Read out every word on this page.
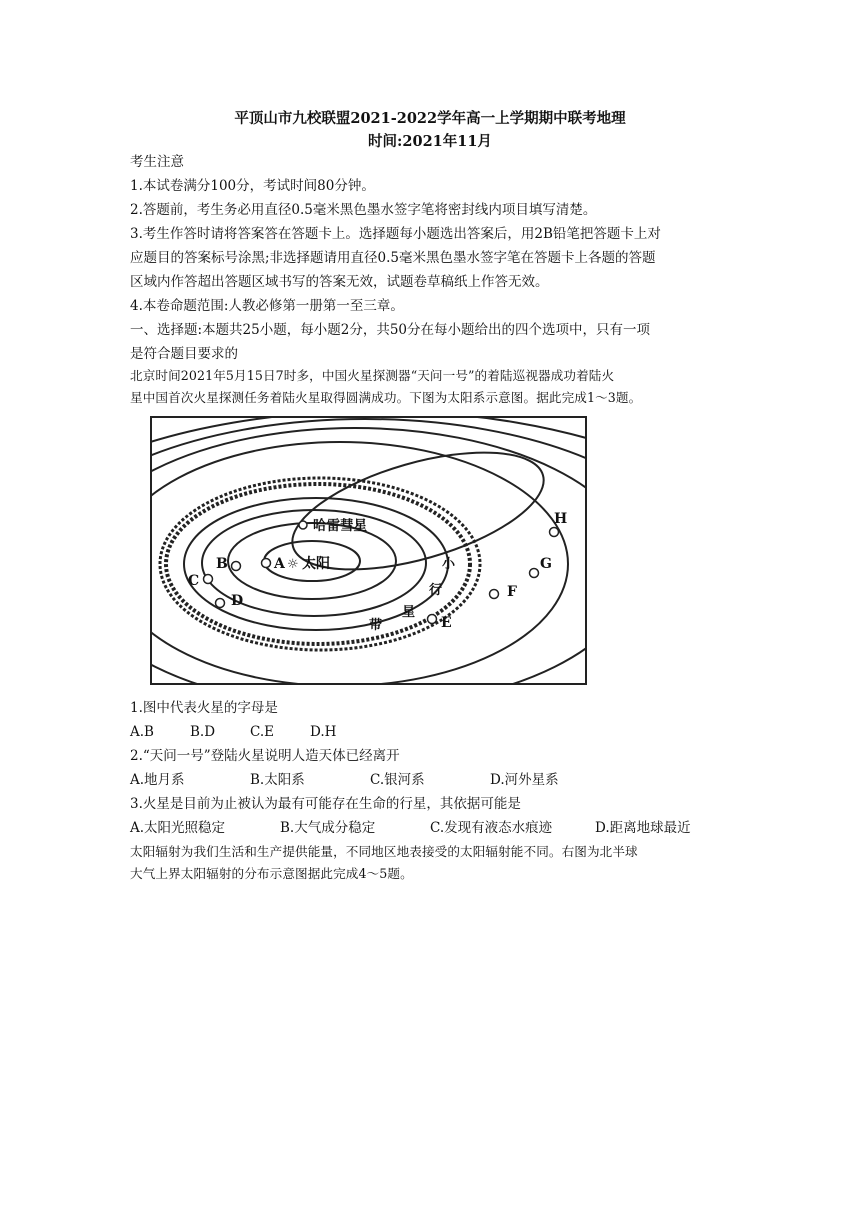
平顶山市九校联盟2021-2022学年高一上学期期中联考地理
时间:2021年11月
考生注意
1.本试卷满分100分，考试时间80分钟。
2.答题前，考生务必用直径0.5毫米黑色墨水签字笔将密封线内项目填写清楚。
3.考生作答时请将答案答在答题卡上。选择题每小题选出答案后，用2B铅笔把答题卡上对
应题目的答案标号涂黑;非选择题请用直径0.5毫米黑色墨水签字笔在答题卡上各题的答题
区域内作答超出答题区域书写的答案无效，试题卷草稿纸上作答无效。
4.本卷命题范围:人教必修第一册第一至三章。
一、选择题:本题共25小题，每小题2分，共50分在每小题给出的四个选项中，只有一项
是符合题目要求的
北京时间2021年5月15日7时多，中国火星探测器“天问一号”的着陆巡视器成功着陆火
星中国首次火星探测任务着陆火星取得圆满成功。下图为太阳系示意图。据此完成1～3题。
A ☼ 太阳
哈雷彗星
B
C
D
E
F
G
H
小
行
星
带
1.图中代表火星的字母是
A.B	B.D	C.E	D.H
2.“天问一号”登陆火星说明人造天体已经离开
A.地月系	B.太阳系	C.银河系	D.河外星系
3.火星是目前为止被认为最有可能存在生命的行星，其依据可能是
A.太阳光照稳定	B.大气成分稳定	C.发现有液态水痕迹	D.距离地球最近
太阳辐射为我们生活和生产提供能量，不同地区地表接受的太阳辐射能不同。右图为北半球
大气上界太阳辐射的分布示意图据此完成4～5题。
